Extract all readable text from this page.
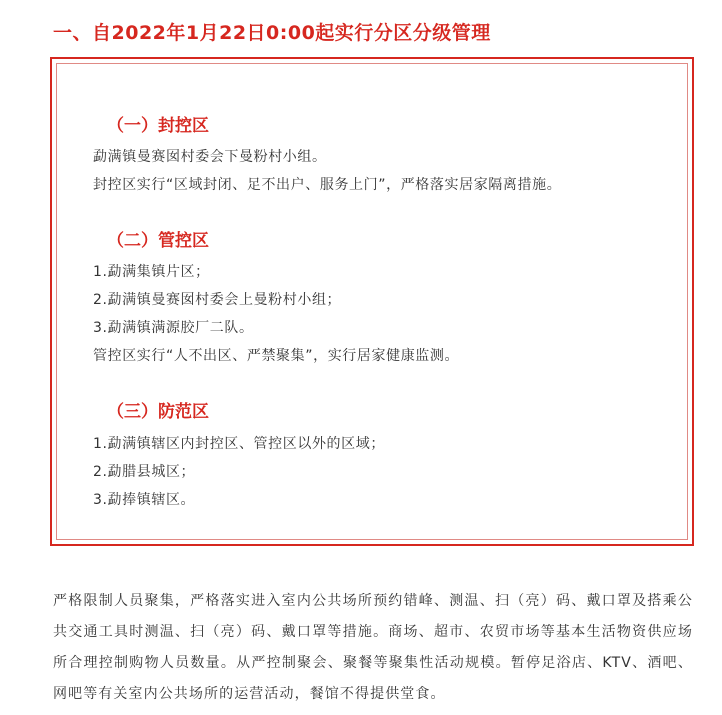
一、自2022年1月22日0:00起实行分区分级管理
（一）封控区
勐满镇曼赛囡村委会下曼粉村小组。
封控区实行“区域封闭、足不出户、服务上门”，严格落实居家隔离措施。
（二）管控区
1.勐满集镇片区；
2.勐满镇曼赛囡村委会上曼粉村小组；
3.勐满镇满源胶厂二队。
管控区实行“人不出区、严禁聚集”，实行居家健康监测。
（三）防范区
1.勐满镇辖区内封控区、管控区以外的区域；
2.勐腊县城区；
3.勐捧镇辖区。
严格限制人员聚集，严格落实进入室内公共场所预约错峰、测温、扫（亮）码、戴口罩及搭乘公共交通工具时测温、扫（亮）码、戴口罩等措施。商场、超市、农贸市场等基本生活物资供应场所合理控制购物人员数量。从严控制聚会、聚餐等聚集性活动规模。暂停足浴店、KTV、酒吧、网吧等有关室内公共场所的运营活动，餐馆不得提供堂食。
